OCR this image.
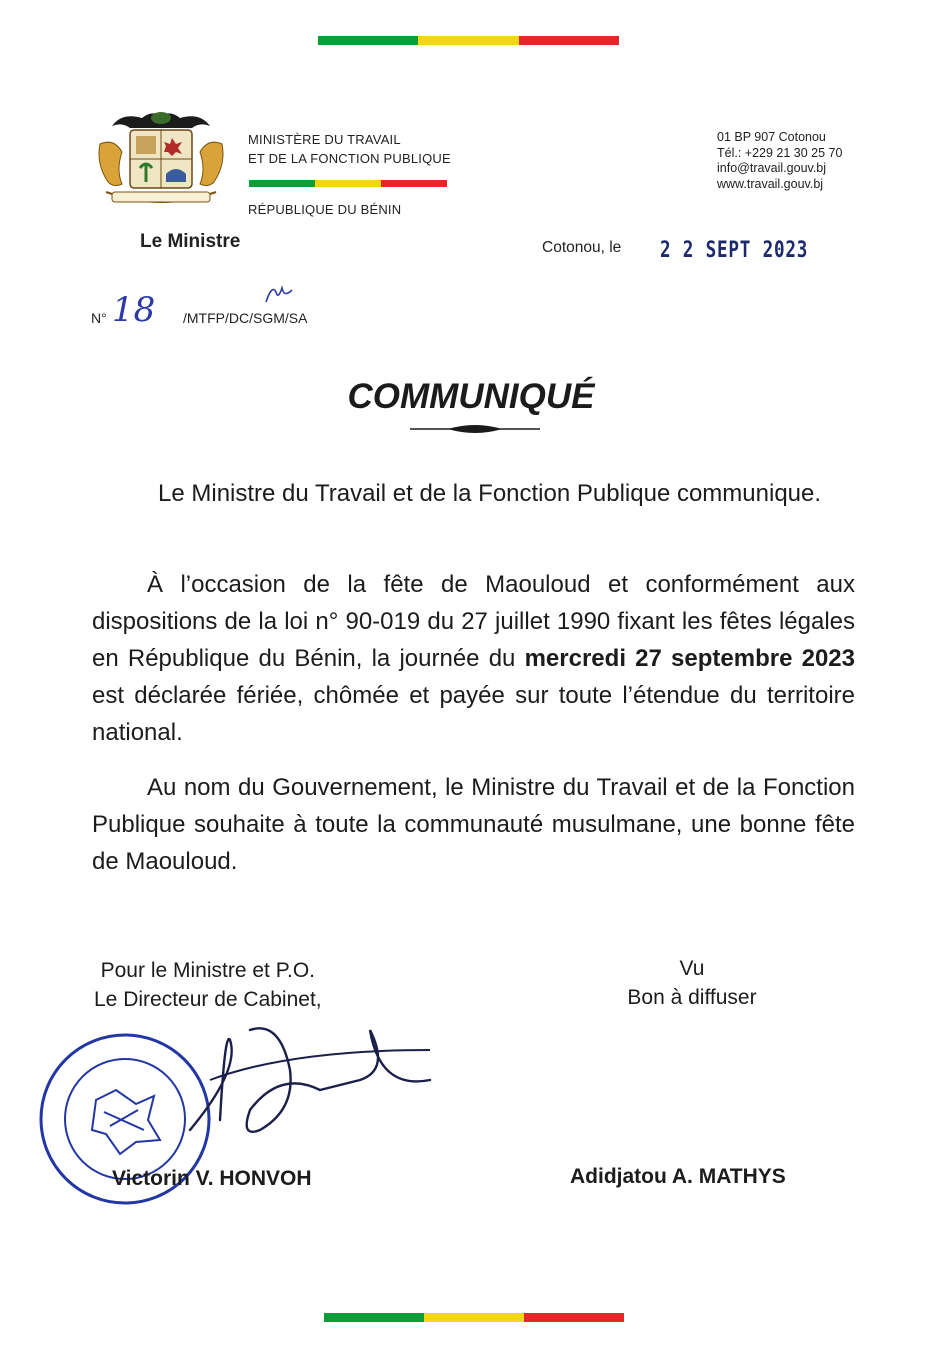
MINISTÈRE DU TRAVAIL
ET DE LA FONCTION PUBLIQUE
RÉPUBLIQUE DU BÉNIN
01 BP 907 Cotonou
Tél.: +229 21 30 25 70
info@travail.gouv.bj
www.travail.gouv.bj
Le Ministre	Cotonou, le 2 2 SEPT 2023
N° 18 /MTFP/DC/SGM/SA
COMMUNIQUÉ
Le Ministre du Travail et de la Fonction Publique communique.
À l’occasion de la fête de Maouloud et conformément aux dispositions de la loi n° 90-019 du 27 juillet 1990 fixant les fêtes légales en République du Bénin, la journée du mercredi 27 septembre 2023 est déclarée fériée, chômée et payée sur toute l’étendue du territoire national.
Au nom du Gouvernement, le Ministre du Travail et de la Fonction Publique souhaite à toute la communauté musulmane, une bonne fête de Maouloud.
Pour le Ministre et P.O.
Le Directeur de Cabinet,
Vu
Bon à diffuser
Victorin V. HONVOH	Adidjatou A. MATHYS
